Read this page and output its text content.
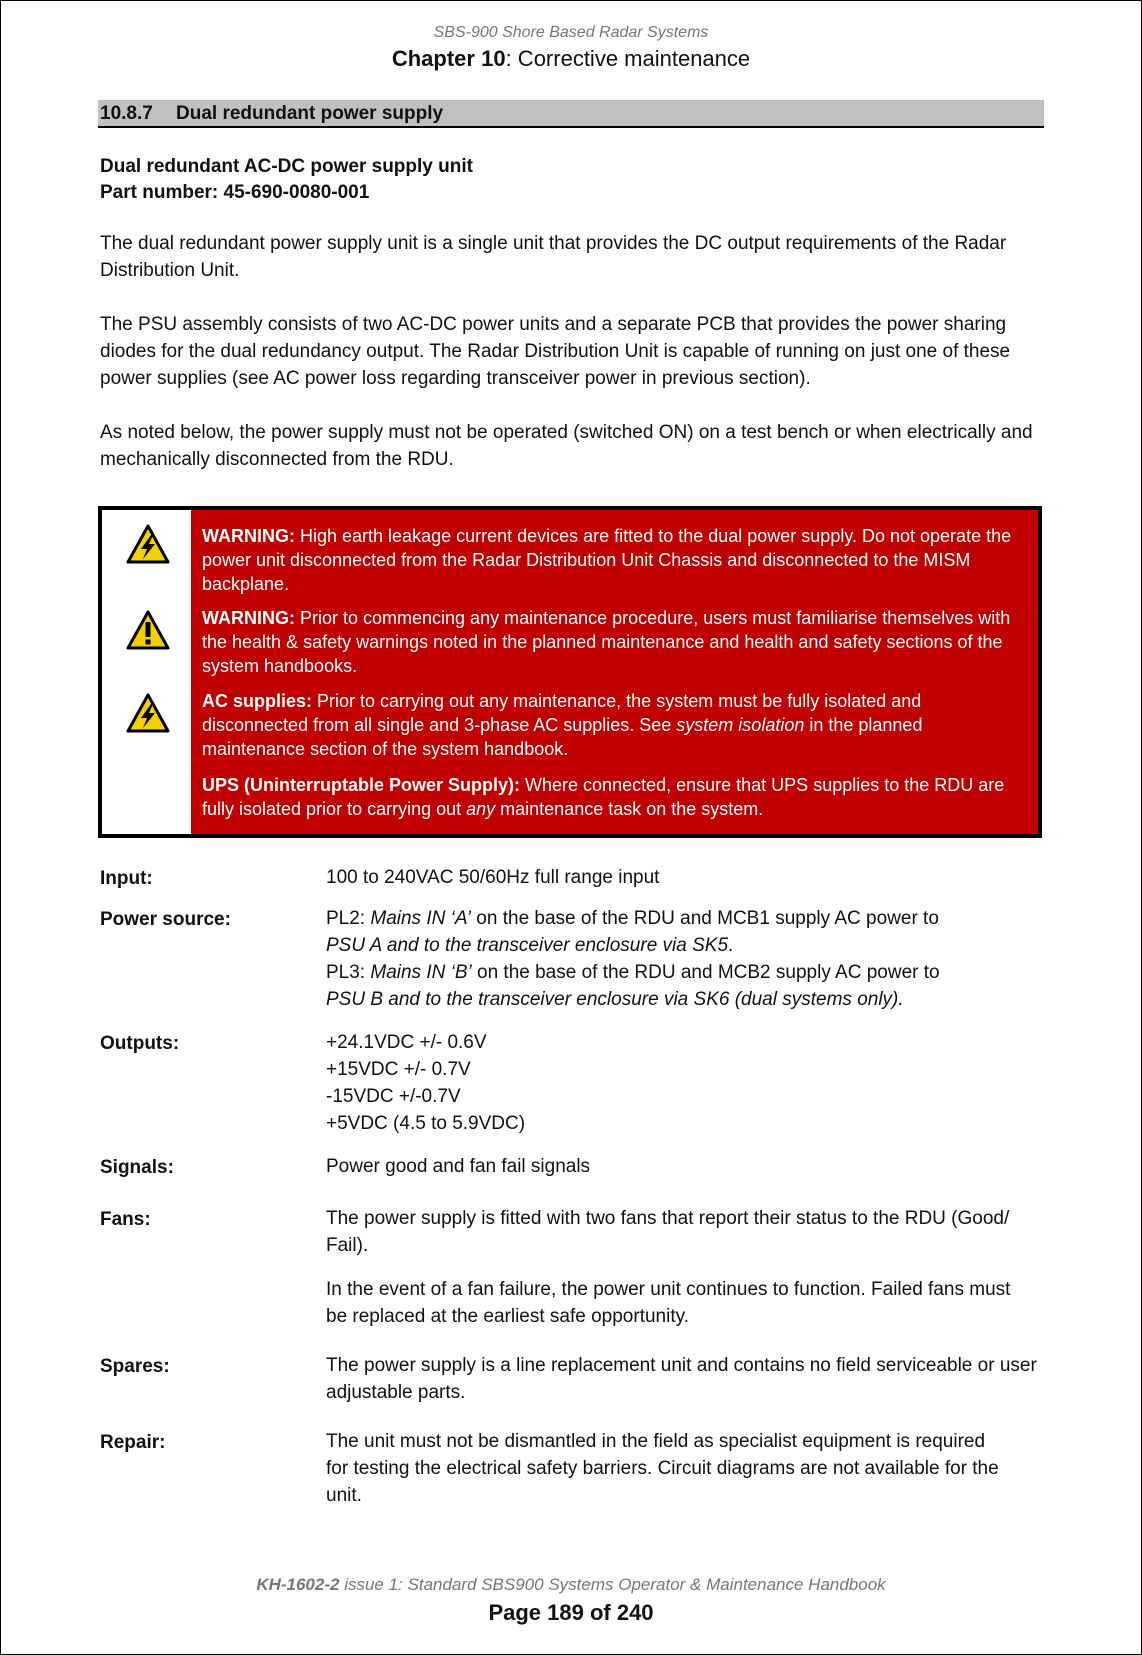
SBS-900 Shore Based Radar Systems
Chapter 10: Corrective maintenance
10.8.7 Dual redundant power supply
Dual redundant AC-DC power supply unit
Part number: 45-690-0080-001
The dual redundant power supply unit is a single unit that provides the DC output requirements of the Radar Distribution Unit.
The PSU assembly consists of two AC-DC power units and a separate PCB that provides the power sharing diodes for the dual redundancy output. The Radar Distribution Unit is capable of running on just one of these power supplies (see AC power loss regarding transceiver power in previous section).
As noted below, the power supply must not be operated (switched ON) on a test bench or when electrically and mechanically disconnected from the RDU.
WARNING: High earth leakage current devices are fitted to the dual power supply. Do not operate the power unit disconnected from the Radar Distribution Unit Chassis and disconnected to the MISM backplane.
WARNING: Prior to commencing any maintenance procedure, users must familiarise themselves with the health & safety warnings noted in the planned maintenance and health and safety sections of the system handbooks.
AC supplies: Prior to carrying out any maintenance, the system must be fully isolated and disconnected from all single and 3-phase AC supplies. See system isolation in the planned maintenance section of the system handbook.
UPS (Uninterruptable Power Supply): Where connected, ensure that UPS supplies to the RDU are fully isolated prior to carrying out any maintenance task on the system.
Input:	100 to 240VAC 50/60Hz full range input
Power source:	PL2: Mains IN ‘A’ on the base of the RDU and MCB1 supply AC power to
PSU A and to the transceiver enclosure via SK5.
PL3: Mains IN ‘B’ on the base of the RDU and MCB2 supply AC power to
PSU B and to the transceiver enclosure via SK6 (dual systems only).
Outputs:	+24.1VDC +/- 0.6V
+15VDC +/- 0.7V
-15VDC +/-0.7V
+5VDC (4.5 to 5.9VDC)
Signals:	Power good and fan fail signals
Fans:	The power supply is fitted with two fans that report their status to the RDU (Good/ Fail).
In the event of a fan failure, the power unit continues to function. Failed fans must be replaced at the earliest safe opportunity.
Spares:	The power supply is a line replacement unit and contains no field serviceable or user adjustable parts.
Repair:	The unit must not be dismantled in the field as specialist equipment is required for testing the electrical safety barriers. Circuit diagrams are not available for the unit.
KH-1602-2 issue 1: Standard SBS900 Systems Operator & Maintenance Handbook
Page 189 of 240
